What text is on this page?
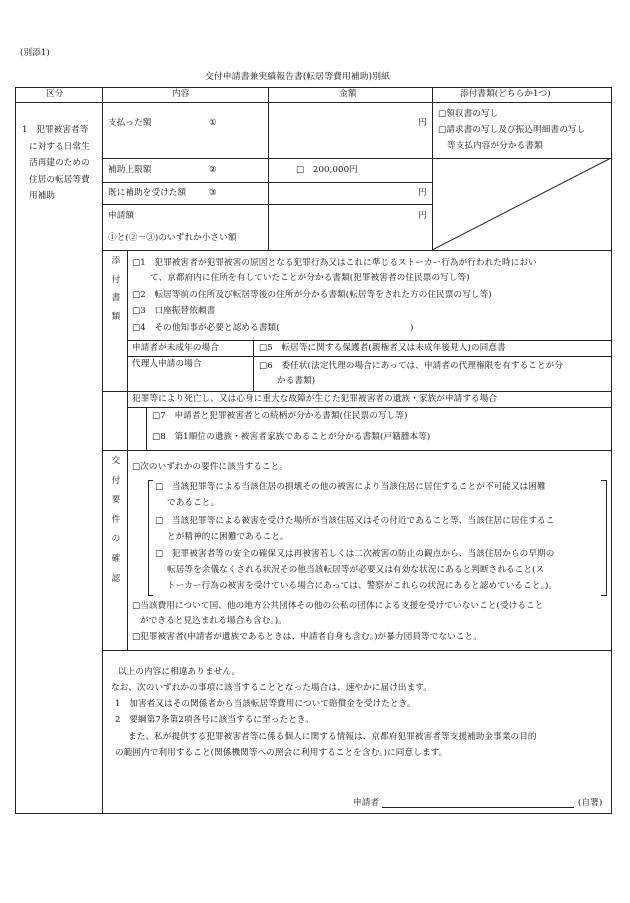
(別添1)
交付申請書兼実績報告書(転居等費用補助)別紙
区分	内容	金額	添付書類(どちらか1つ)
1　犯罪被害者等
に対する日常生
活再建のための
住居の転居等費
用補助
支払った額	①	円
□領収書の写し
□請求書の写し及び振込明細書の写し
等支払内容が分かる書類
補助上限額	②	□　200,000円
既に補助を受けた額	③	円
申請額	円
①と(②－③)のいずれか小さい額
添
付
書
類
□1　犯罪被害者が犯罪被害の原因となる犯罪行為又はこれに準じるストーカー行為が行われた時におい
て、京都府内に住所を有していたことが分かる書類(犯罪被害者の住民票の写し等)
□2　転居等前の住所及び転居等後の住所が分かる書類(転居等をされた方の住民票の写し等)
□3　口座振替依頼書
□4　その他知事が必要と認める書類(　　　　　　　　　　　　　　　)
申請者が未成年の場合	□5　転居等に関する保護者(親権者又は未成年後見人)の同意書
代理人申請の場合	□6　委任状(法定代理の場合にあっては、申請者の代理権限を有することが分
かる書類)
犯罪等により死亡し、又は心身に重大な故障が生じた犯罪被害者の遺族・家族が申請する場合
□7　申請者と犯罪被害者との続柄が分かる書類(住民票の写し等)
□8　第1順位の遺族・被害者家族であることが分かる書類(戸籍謄本等)
交
付
要
件
の
確
認
□次のいずれかの要件に該当すること。
□　当該犯罪等による当該住居の損壊その他の被害により当該住居に居住することが不可能又は困難
であること。
□　当該犯罪等による被害を受けた場所が当該住居又はその付近であること等、当該住居に居住するこ
とが精神的に困難であること。
□　犯罪被害者等の安全の確保又は再被害若しくは二次被害の防止の観点から、当該住居からの早期の
転居等を余儀なくされる状況その他当該転居等が必要又は有効な状況にあると判断されること(ス
トーカー行為の被害を受けている場合にあっては、警察がこれらの状況にあると認めていること。)。
□当該費用について国、他の地方公共団体その他の公私の団体による支援を受けていないこと(受けること
ができると見込まれる場合も含む。)。
□犯罪被害者(申請者が遺族であるときは、申請者自身も含む。)が暴力団員等でないこと。
以上の内容に相違ありません。
なお、次のいずれかの事項に該当することとなった場合は、速やかに届け出ます。
1　加害者又はその関係者から当該転居等費用について賠償金を受けたとき。
2　要綱第7条第2項各号に該当するに至ったとき。
また、私が提供する犯罪被害者等に係る個人に関する情報は、京都府犯罪被害者等支援補助金事業の目的
の範囲内で利用すること(関係機関等への照会に利用することを含む。)に同意します。
申請者	(自署)
